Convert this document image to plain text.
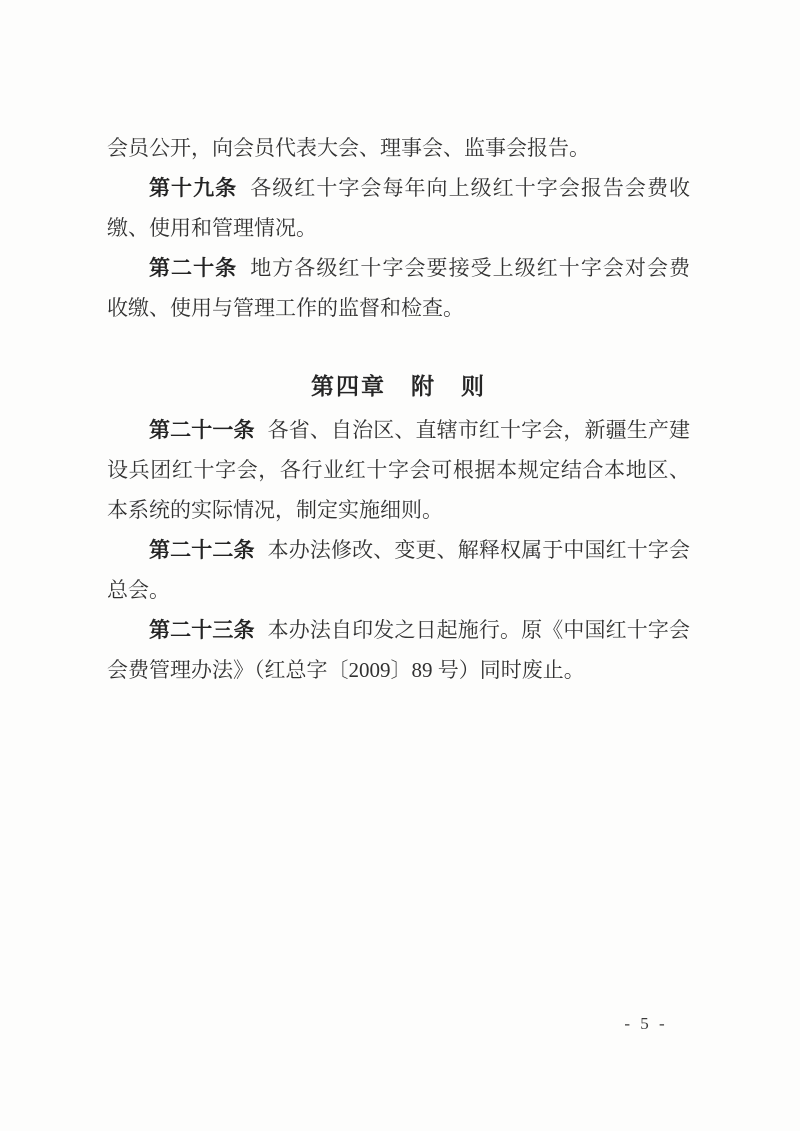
会员公开，向会员代表大会、理事会、监事会报告。
第十九条 各级红十字会每年向上级红十字会报告会费收
缴、使用和管理情况。
第二十条 地方各级红十字会要接受上级红十字会对会费
收缴、使用与管理工作的监督和检查。
第四章　附　则
第二十一条 各省、自治区、直辖市红十字会，新疆生产建
设兵团红十字会，各行业红十字会可根据本规定结合本地区、
本系统的实际情况，制定实施细则。
第二十二条 本办法修改、变更、解释权属于中国红十字会
总会。
第二十三条 本办法自印发之日起施行。原《中国红十字会
会费管理办法》（红总字〔2009〕89 号）同时废止。
- 5 -
